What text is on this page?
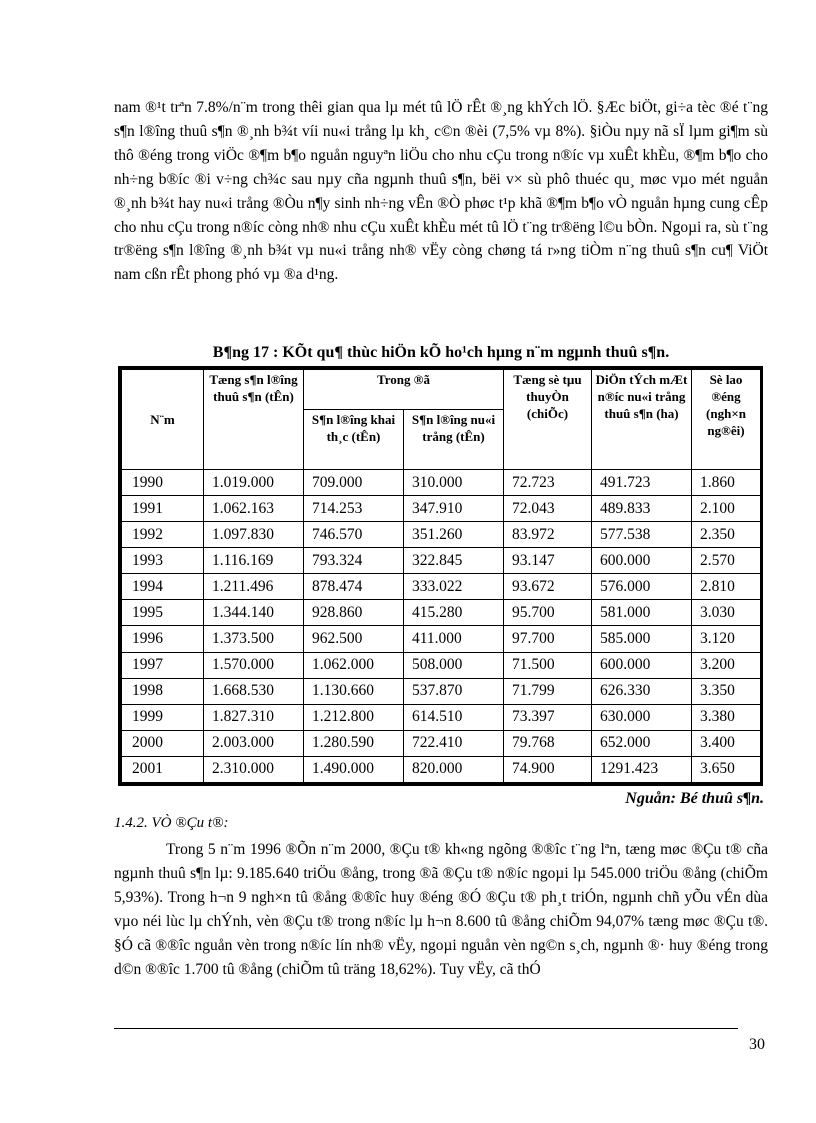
nam ®¹t trªn 7.8%/n¨m trong thêi gian qua lµ mét tû lÖ rÊt ®¸ng khÝch lÖ. §Æc biÖt, gi÷a tèc ®é t¨ng s¶n l®îng thuû s¶n ®¸nh b¾t víi nu«i trång lµ kh¸ c©n ®èi (7,5% vµ 8%). §iÒu nµy nã sÏ lµm gi¶m sù thô ®éng trong viÖc ®¶m b¶o nguån nguyªn liÖu cho nhu cÇu trong n®íc vµ xuÊt khÈu, ®¶m b¶o cho nh÷ng b®íc ®i v÷ng ch¾c sau nµy cña ngµnh thuû s¶n, bëi v× sù phô thuéc qu¸ møc vµo mét nguån ®¸nh b¾t hay nu«i trång ®Òu n¶y sinh nh÷ng vÊn ®Ò phøc t¹p khã ®¶m b¶o vÒ nguån hµng cung cÊp cho nhu cÇu trong n®íc còng nh® nhu cÇu xuÊt khÈu mét tû lÖ t¨ng tr®ëng l©u bÒn. Ngoµi ra, sù t¨ng tr®ëng s¶n l®îng ®¸nh b¾t vµ nu«i trång nh® vËy còng chøng tá r»ng tiÒm n¨ng thuû s¶n cu¶ ViÖt nam cßn rÊt phong phó vµ ®a d¹ng.

B¶ng 17 : KÕt qu¶ thùc hiÖn kÕ ho¹ch hµng n¨m ngµnh thuû s¶n.

N¨m	Tæng s¶n l®îng thuû s¶n (tÊn)	Trong ®ã		Tæng sè tµu thuyÒn (chiÕc)	DiÖn tÝch mÆt n®íc nu«i trång thuû s¶n (ha)	Sè lao ®éng (ngh×n ng®êi)
		S¶n l®îng khai th¸c (tÊn)	S¶n l®îng nu«i trång (tÊn)			
1990	1.019.000	709.000	310.000	72.723	491.723	1.860
1991	1.062.163	714.253	347.910	72.043	489.833	2.100
1992	1.097.830	746.570	351.260	83.972	577.538	2.350
1993	1.116.169	793.324	322.845	93.147	600.000	2.570
1994	1.211.496	878.474	333.022	93.672	576.000	2.810
1995	1.344.140	928.860	415.280	95.700	581.000	3.030
1996	1.373.500	962.500	411.000	97.700	585.000	3.120
1997	1.570.000	1.062.000	508.000	71.500	600.000	3.200
1998	1.668.530	1.130.660	537.870	71.799	626.330	3.350
1999	1.827.310	1.212.800	614.510	73.397	630.000	3.380
2000	2.003.000	1.280.590	722.410	79.768	652.000	3.400
2001	2.310.000	1.490.000	820.000	74.900	1291.423	3.650

Nguån: Bé thuû s¶n.

1.4.2. VÒ ®Çu t®:

Trong 5 n¨m 1996 ®Õn n¨m 2000, ®Çu t® kh«ng ngõng ®®îc t¨ng lªn, tæng møc ®Çu t® cña ngµnh thuû s¶n lµ: 9.185.640 triÖu ®ång, trong ®ã ®Çu t® n®íc ngoµi lµ 545.000 triÖu ®ång (chiÕm 5,93%). Trong h¬n 9 ngh×n tû ®ång ®®îc huy ®éng ®Ó ®Çu t® ph¸t triÓn, ngµnh chñ yÕu vÉn dùa vµo néi lùc lµ chÝnh, vèn ®Çu t® trong n®íc lµ h¬n 8.600 tû ®ång chiÕm 94,07% tæng møc ®Çu t®. §Ó cã ®®îc nguån vèn trong n®íc lín nh® vËy, ngoµi nguån vèn ng©n s¸ch, ngµnh ®· huy ®éng trong d©n ®®îc 1.700 tû ®ång (chiÕm tû träng 18,62%). Tuy vËy, cã thÓ

30
